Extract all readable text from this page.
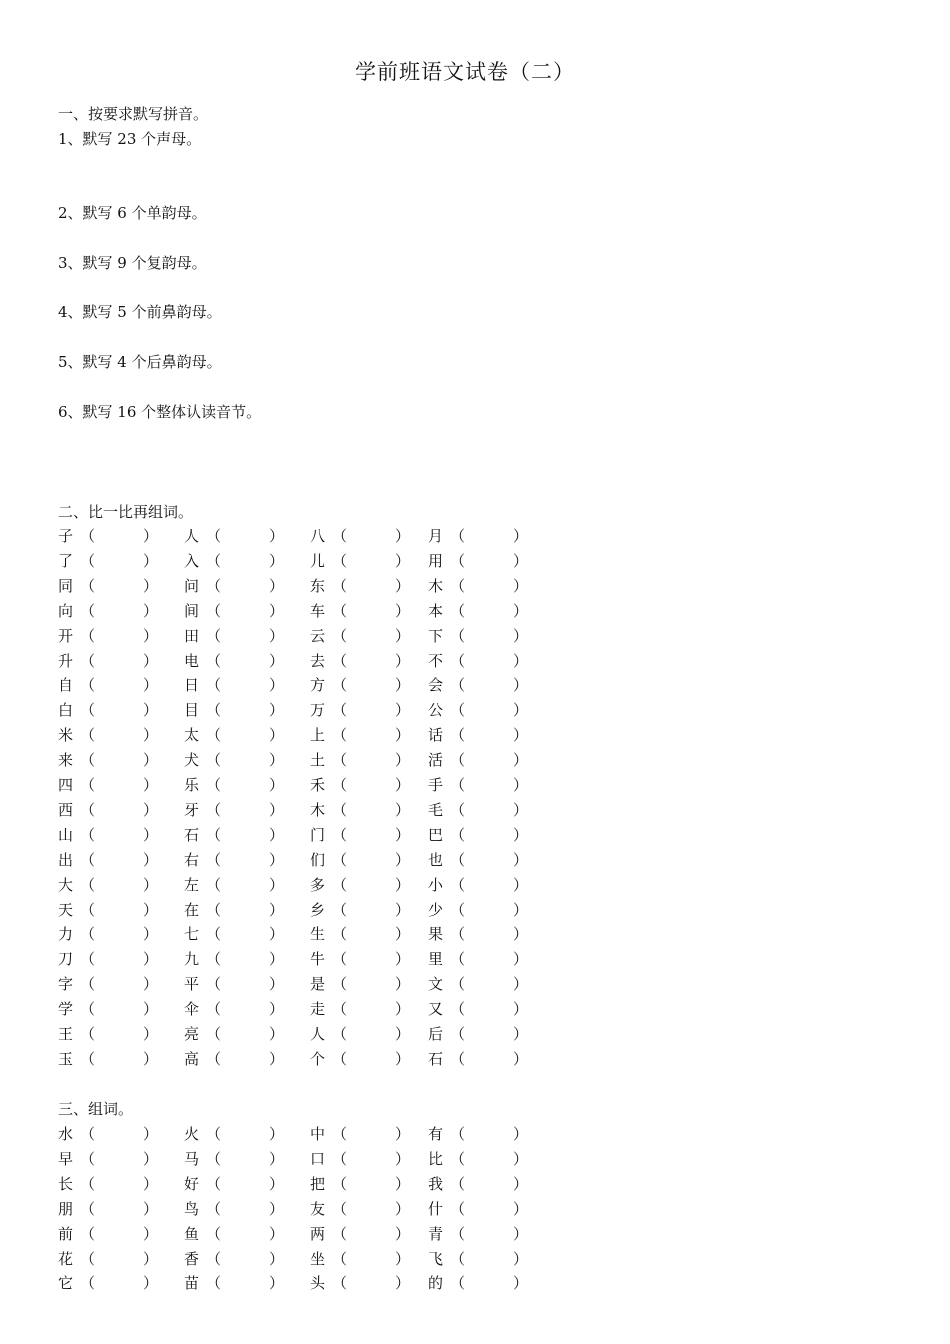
学前班语文试卷（二）
一、按要求默写拼音。
1、默写 23 个声母。
2、默写 6 个单韵母。
3、默写 9 个复韵母。
4、默写 5 个前鼻韵母。
5、默写 4 个后鼻韵母。
6、默写 16 个整体认读音节。
二、比一比再组词。
子 （	） 人 （	） 八 （	） 月 （	）
了 （	） 入 （	） 儿 （	） 用 （	）
同 （	） 问 （	） 东 （	） 木 （	）
向 （	） 间 （	） 车 （	） 本 （	）
开 （	） 田 （	） 云 （	） 下 （	）
升 （	） 电 （	） 去 （	） 不 （	）
自 （	） 日 （	） 方 （	） 会 （	）
白 （	） 目 （	） 万 （	） 公 （	）
米 （	） 太 （	） 上 （	） 话 （	）
来 （	） 犬 （	） 土 （	） 活 （	）
四 （	） 乐 （	） 禾 （	） 手 （	）
西 （	） 牙 （	） 木 （	） 毛 （	）
山 （	） 石 （	） 门 （	） 巴 （	）
出 （	） 右 （	） 们 （	） 也 （	）
大 （	） 左 （	） 多 （	） 小 （	）
天 （	） 在 （	） 乡 （	） 少 （	）
力 （	） 七 （	） 生 （	） 果 （	）
刀 （	） 九 （	） 牛 （	） 里 （	）
字 （	） 平 （	） 是 （	） 文 （	）
学 （	） 伞 （	） 走 （	） 又 （	）
王 （	） 亮 （	） 人 （	） 后 （	）
玉 （	） 高 （	） 个 （	） 石 （	）
三、组词。
水 （	） 火 （	） 中 （	） 有 （	）
早 （	） 马 （	） 口 （	） 比 （	）
长 （	） 好 （	） 把 （	） 我 （	）
朋 （	） 鸟 （	） 友 （	） 什 （	）
前 （	） 鱼 （	） 两 （	） 青 （	）
花 （	） 香 （	） 坐 （	） 飞 （	）
它 （	） 苗 （	） 头 （	） 的 （	）
